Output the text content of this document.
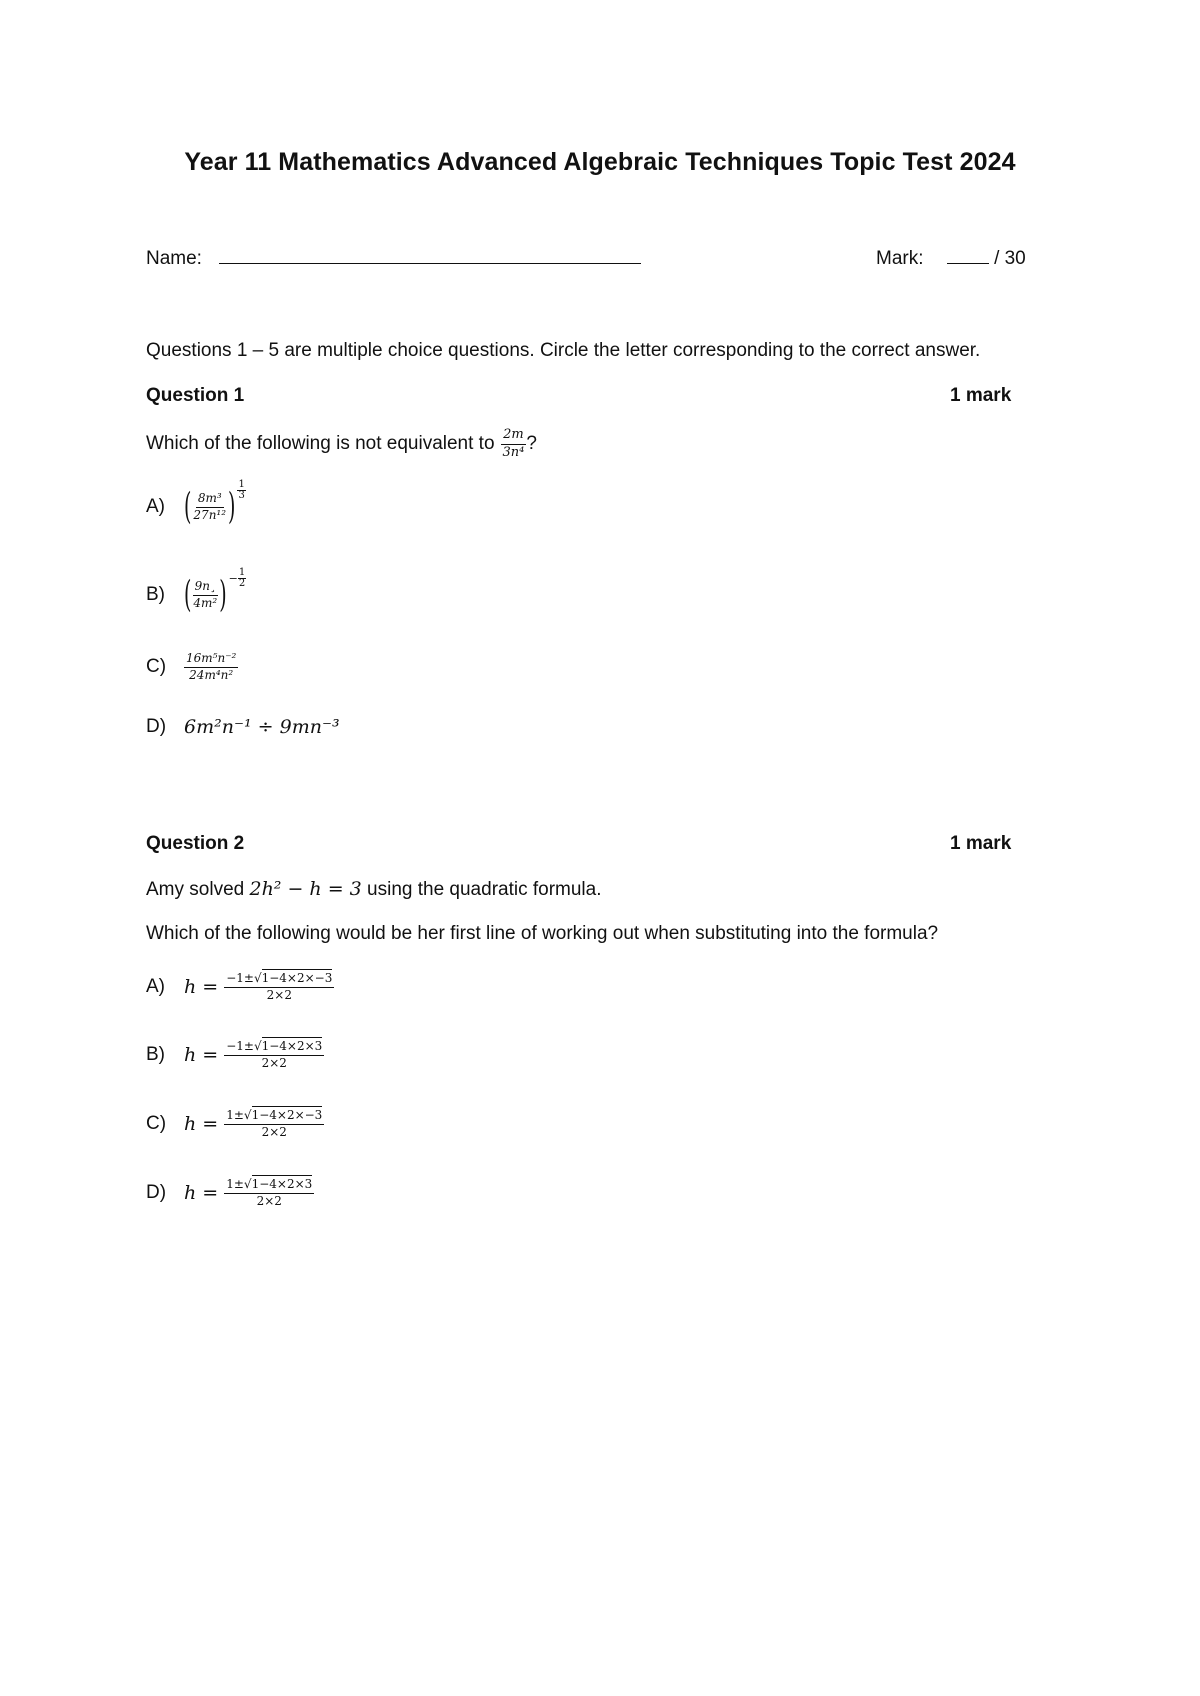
Year 11 Mathematics Advanced Algebraic Techniques Topic Test 2024
Name:	Mark:	/ 30
Questions 1 – 5 are multiple choice questions. Circle the letter corresponding to the correct answer.
Question 1	1 mark
Which of the following is not equivalent to $\frac{2m}{\text{3n⁴}}$ ?
A)	( $\frac{\text{8m³}}{\text{27n¹²}}$ ) $\frac{1}{3}$
B)	( $\frac{9n¸}{\text{4m²}}$ ) − $\frac{1}{2}$
C)	$\frac{\text{16m⁵n⁻²}}{\text{24m⁴n²}}$
D) 6m²n⁻¹ ÷ 9mn⁻³
Question 2	1 mark
Amy solved 2h² − h = 3 using the quadratic formula.
Which of the following would be her first line of working out when substituting into the formula?
A)	$h = \frac{-1\pm√1-4\times 2\times-3}{2\times 2}$
B)	$h = \frac{-1\pm√1-4\times 2\times 3}{2\times 2}$
C) $h = \frac{1\pm√1-4\times 2\times-3}{2\times 2}$
D) $h = \frac{1\pm√1-4\times 2\times 3}{2\times 2}$
